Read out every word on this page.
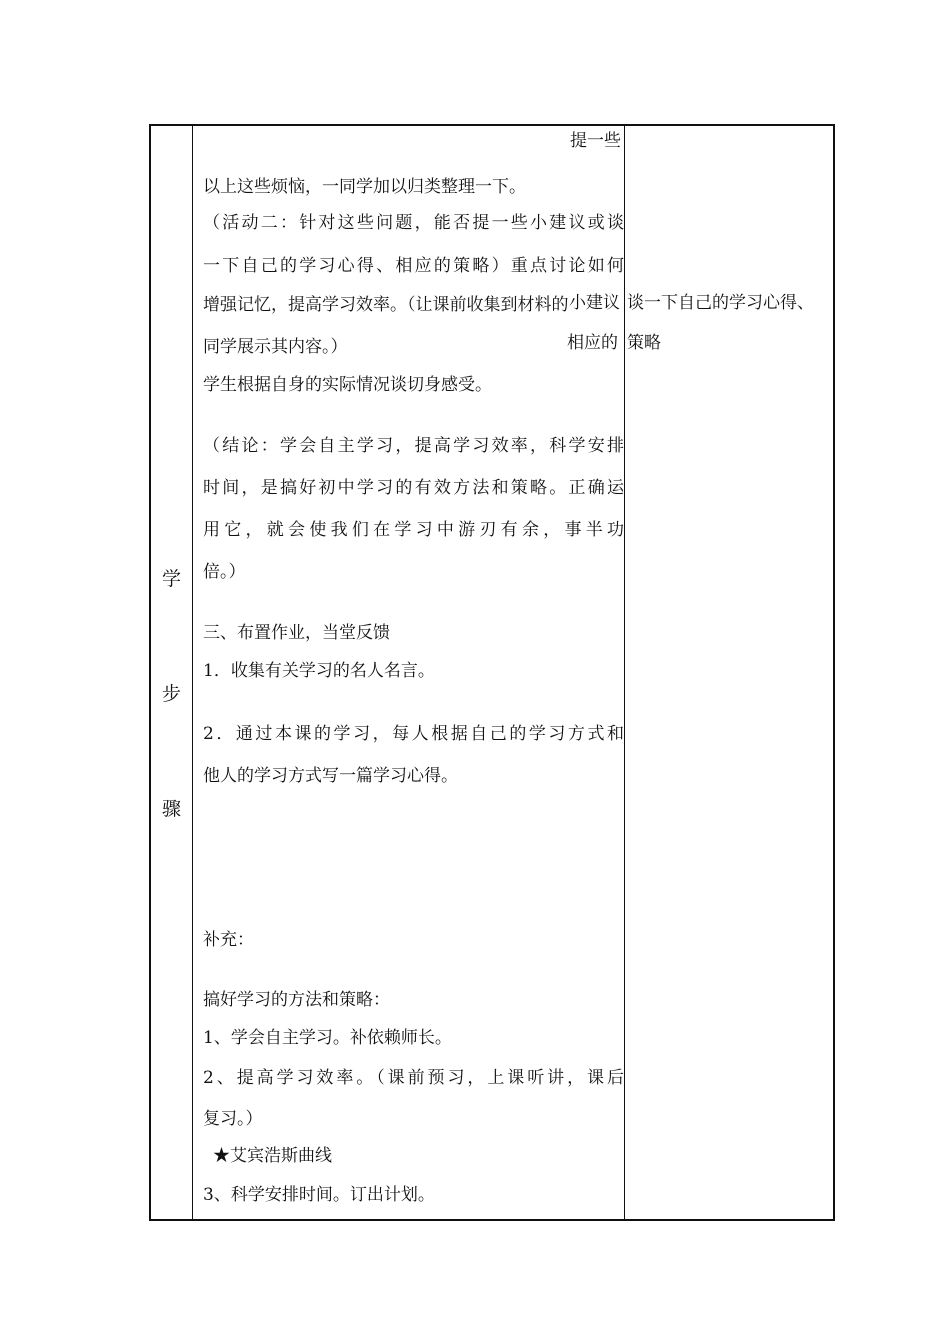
学
步
骤
提一些
以上这些烦恼，一同学加以归类整理一下。
（活动二：针对这些问题，能否提一些小建议或谈
一下自己的学习心得、相应的策略）重点讨论如何
增强记忆，提高学习效率。（让课前收集到材料的
同学展示其内容。）
学生根据自身的实际情况谈切身感受。
（结论：学会自主学习，提高学习效率，科学安排
时间，是搞好初中学习的有效方法和策略。正确运
用它，就会使我们在学习中游刃有余，事半功
倍。）
三、布置作业，当堂反馈
1．收集有关学习的名人名言。
2．通过本课的学习，每人根据自己的学习方式和
他人的学习方式写一篇学习心得。
补充：
搞好学习的方法和策略：
1、学会自主学习。补依赖师长。
2、提高学习效率。（课前预习，上课听讲，课后
复习。）
★艾宾浩斯曲线
3、科学安排时间。订出计划。
小建议
相应的
谈一下自己的学习心得、
策略
